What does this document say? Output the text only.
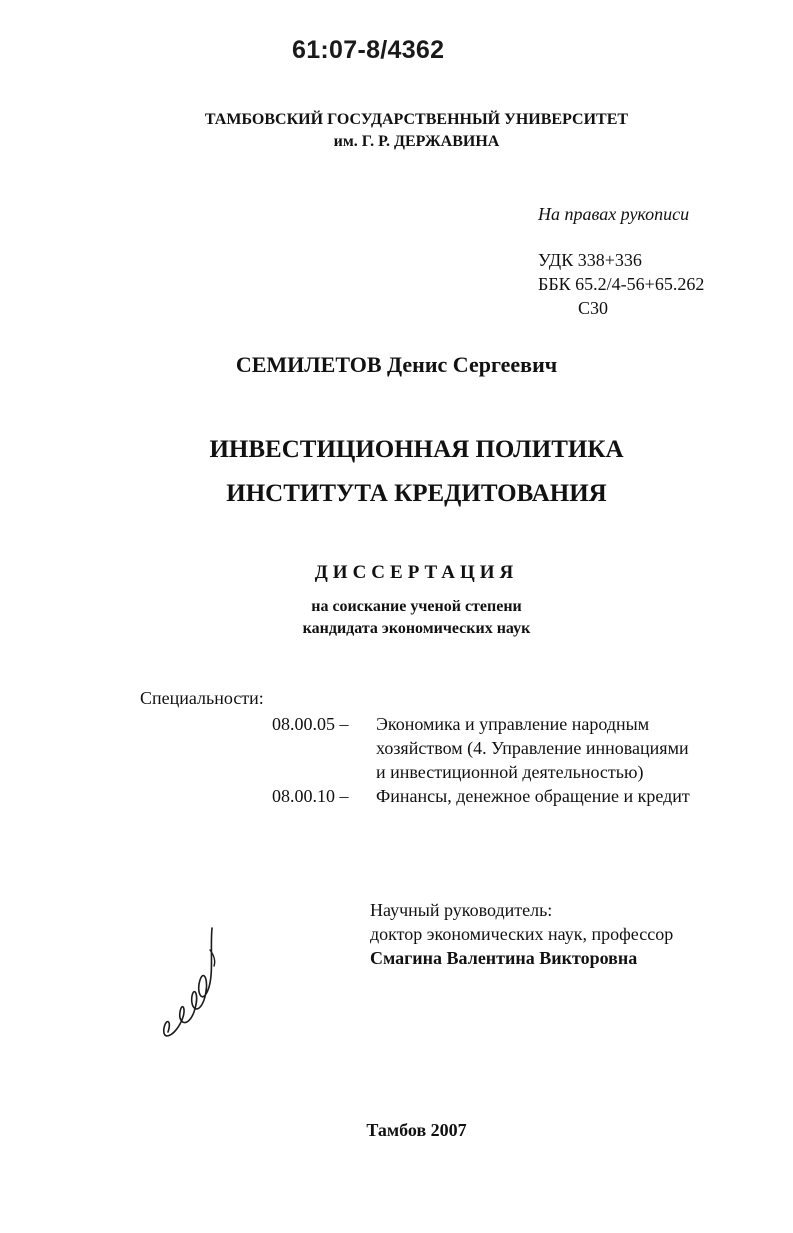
61:07-8/4362
ТАМБОВСКИЙ ГОСУДАРСТВЕННЫЙ УНИВЕРСИТЕТ
им. Г. Р. ДЕРЖАВИНА
На правах рукописи
УДК 338+336
ББК 65.2/4-56+65.262
С30
СЕМИЛЕТОВ Денис Сергеевич
ИНВЕСТИЦИОННАЯ ПОЛИТИКА
ИНСТИТУТА КРЕДИТОВАНИЯ
ДИССЕРТАЦИЯ
на соискание ученой степени
кандидата экономических наук
Специальности:
08.00.05 – Экономика и управление народным
хозяйством (4. Управление инновациями
и инвестиционной деятельностью)
08.00.10 – Финансы, денежное обращение и кредит
Научный руководитель:
доктор экономических наук, профессор
Смагина Валентина Викторовна
Тамбов 2007
